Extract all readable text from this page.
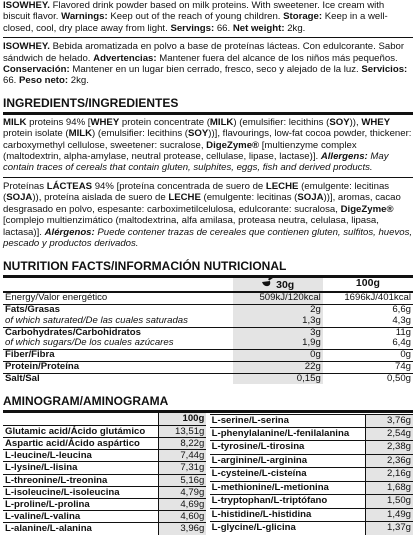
ISOWHEY. Flavored drink powder based on milk proteins. With sweetener. Ice cream with biscuit flavor. Warnings: Keep out of the reach of young children. Storage: Keep in a well-closed, cool, dry place away from light. Servings: 66. Net weight: 2kg.

ISOWHEY. Bebida aromatizada en polvo a base de proteínas lácteas. Con edulcorante. Sabor sándwich de helado. Advertencias: Mantener fuera del alcance de los niños más pequeños. Conservación: Mantener en un lugar bien cerrado, fresco, seco y alejado de la luz. Servicios: 66. Peso neto: 2kg.

INGREDIENTS/INGREDIENTES

MILK proteins 94% [WHEY protein concentrate (MILK) (emulsifier: lecithins (SOY)), WHEY protein isolate (MILK) (emulsifier: lecithins (SOY))], flavourings, low-fat cocoa powder, thickener: carboxymethyl cellulose, sweetener: sucralose, DigeZyme® [multienzyme complex (maltodextrin, alpha-amylase, neutral protease, cellulase, lipase, lactase)]. Allergens: May contain traces of cereals that contain gluten, sulphites, eggs, fish and derived products.

Proteínas LÁCTEAS 94% [proteína concentrada de suero de LECHE (emulgente: lecitinas (SOJA)), proteína aislada de suero de LECHE (emulgente: lecitinas (SOJA))], aromas, cacao desgrasado en polvo, espesante: carboximetilcelulosa, edulcorante: sucralosa, DigeZyme® [complejo multienzimático (maltodextrina, alfa amilasa, proteasa neutra, celulasa, lipasa, lactasa)]. Alérgenos: Puede contener trazas de cereales que contienen gluten, sulfitos, huevos, pescado y productos derivados.

NUTRITION FACTS/INFORMACIÓN NUTRICIONAL
	30g	100g
Energy/Valor energético	509kJ/120kcal	1696kJ/401kcal
Fats/Grasas	2g	6,6g
of which saturated/De las cuales saturadas	1,3g	4,3g
Carbohydrates/Carbohidratos	3g	11g
of which sugars/De los cuales azúcares	1,9g	6,4g
Fiber/Fibra	0g	0g
Protein/Proteína	22g	74g
Salt/Sal	0,15g	0,50g
AMINOGRAM/AMINOGRAMA
	100g
Glutamic acid/Ácido glutámico	13,51g
Aspartic acid/Ácido aspártico	8,22g
L-leucine/L-leucina	7,44g
L-lysine/L-lisina	7,31g
L-threonine/L-treonina	5,16g
L-isoleucine/L-isoleucina	4,79g
L-proline/L-prolina	4,69g
L-valine/L-valina	4,60g
L-alanine/L-alanina	3,96g

L-serine/L-serina	3,76g
L-phenylalanine/L-fenilalanina	2,54g
L-tyrosine/L-tirosina	2,38g
L-arginine/L-arginina	2,36g
L-cysteine/L-cisteína	2,16g
L-methionine/L-metionina	1,68g
L-tryptophan/L-triptófano	1,50g
L-histidine/L-histidina	1,49g
L-glycine/L-glicina	1,37g
